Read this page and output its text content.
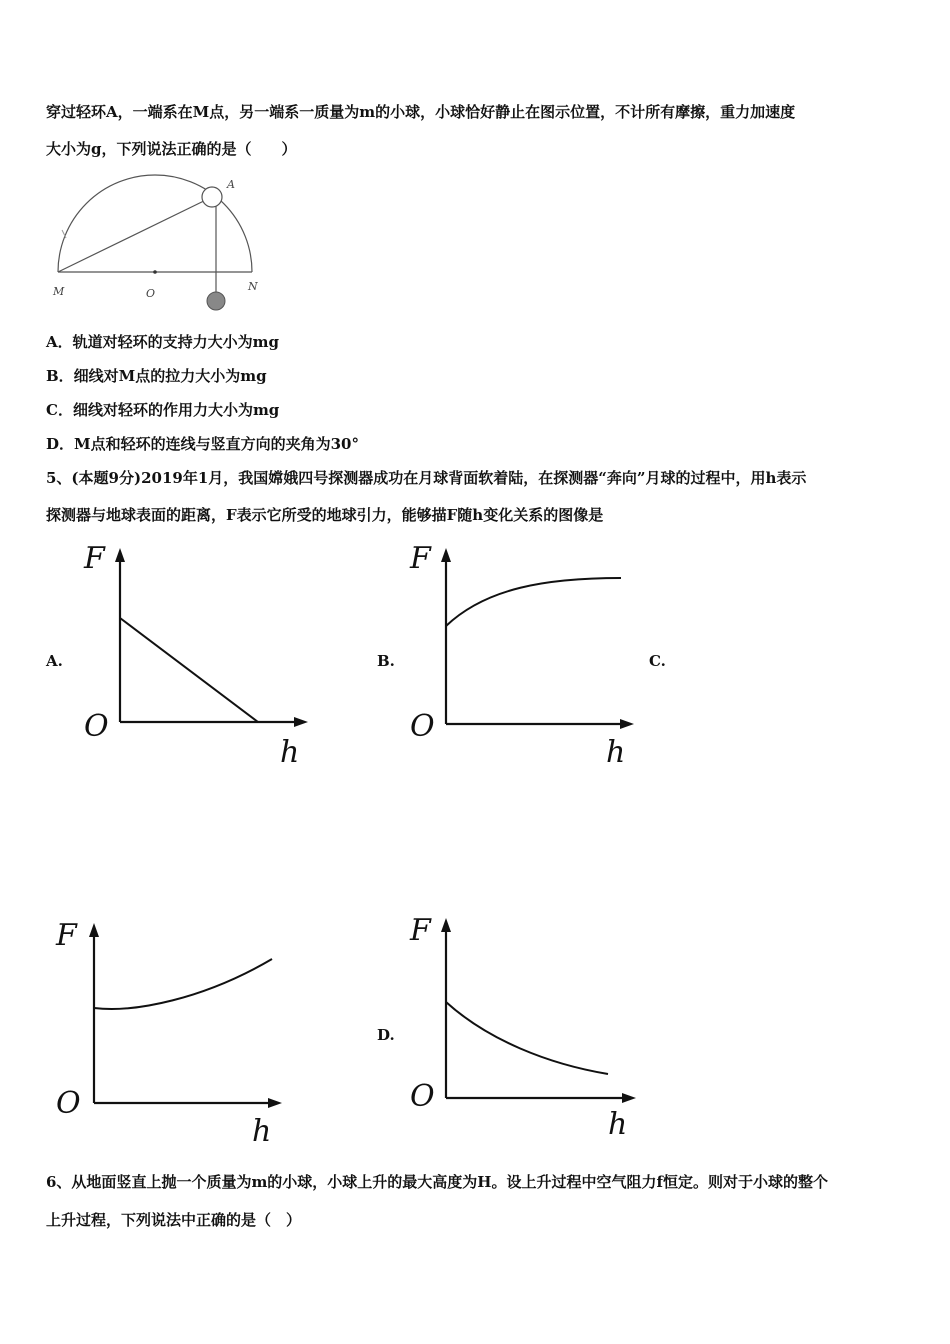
穿过轻环A，一端系在M点，另一端系一质量为m的小球，小球恰好静止在图示位置，不计所有摩擦，重力加速度
大小为g，下列说法正确的是（　　）
M	O
N
A
A．轨道对轻环的支持力大小为mg
B．细线对M点的拉力大小为mg
C．细线对轻环的作用力大小为mg
D．M点和轻环的连线与竖直方向的夹角为30°
5、(本题9分)2019年1月，我国嫦娥四号探测器成功在月球背面软着陆，在探测器“奔向”月球的过程中，用h表示
探测器与地球表面的距离，F表示它所受的地球引力，能够描F随h变化关系的图像是
A.	B.	C.
D.
F
O
h
F
O
h
F
O
h
F
O
h
6、从地面竖直上抛一个质量为m的小球，小球上升的最大高度为H。设上升过程中空气阻力f恒定。则对于小球的整个
上升过程，下列说法中正确的是（　）
